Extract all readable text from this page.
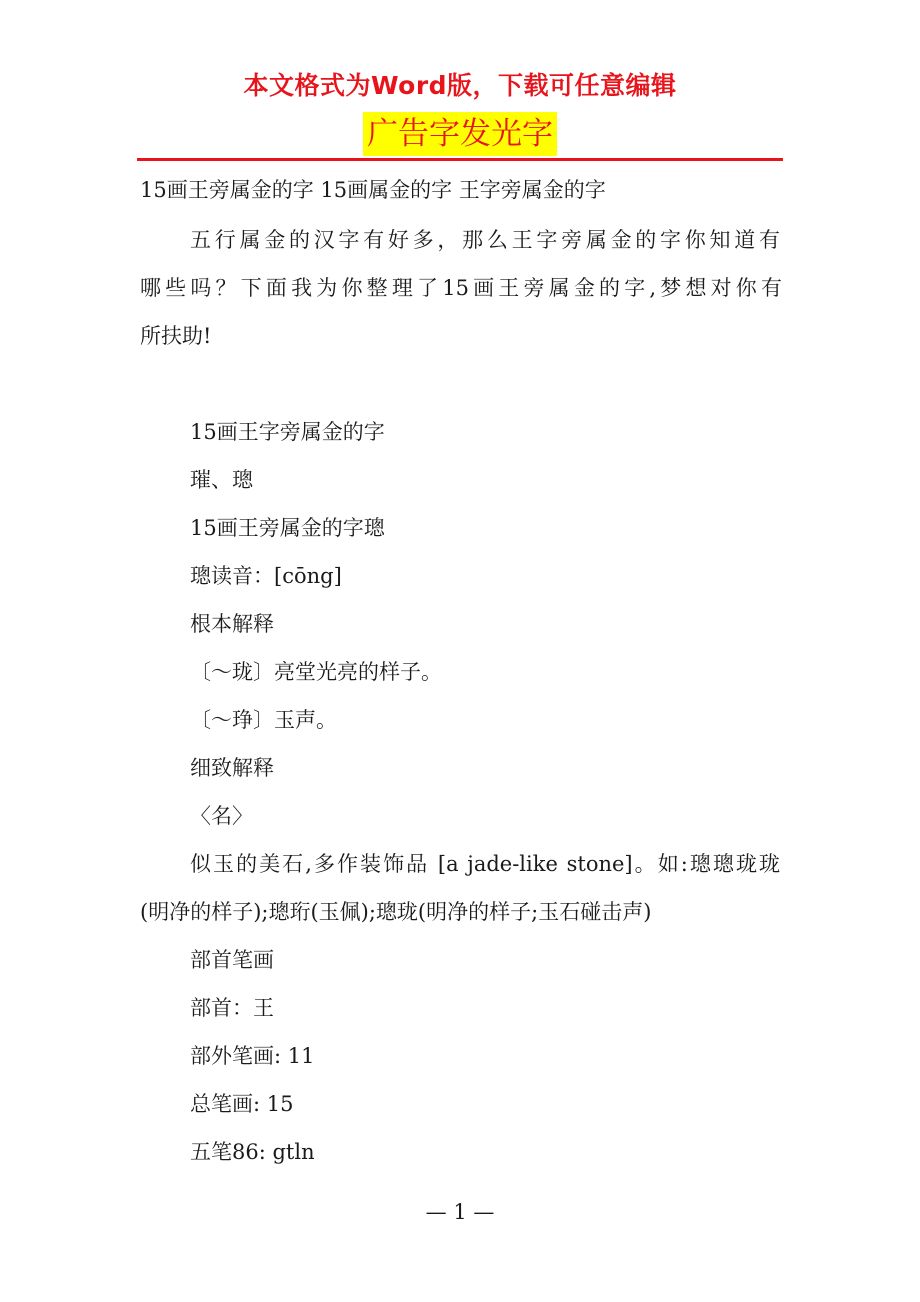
本文格式为Word版，下载可任意编辑
广告字发光字
15画王旁属金的字 15画属金的字 王字旁属金的字
五行属金的汉字有好多，那么王字旁属金的字你知道有
哪些吗？下面我为你整理了15画王旁属金的字,梦想对你有
所扶助!
15画王字旁属金的字
璀、璁
15画王旁属金的字璁
璁读音：[cōng]
根本解释
〔～珑〕亮堂光亮的样子。
〔～琤〕玉声。
细致解释
〈名〉
似玉的美石,多作装饰品 [a jade-like stone]。如:璁璁珑珑
(明净的样子);璁珩(玉佩);璁珑(明净的样子;玉石碰击声)
部首笔画
部首：王
部外笔画: 11
总笔画: 15
五笔86: gtln
— 1 —
